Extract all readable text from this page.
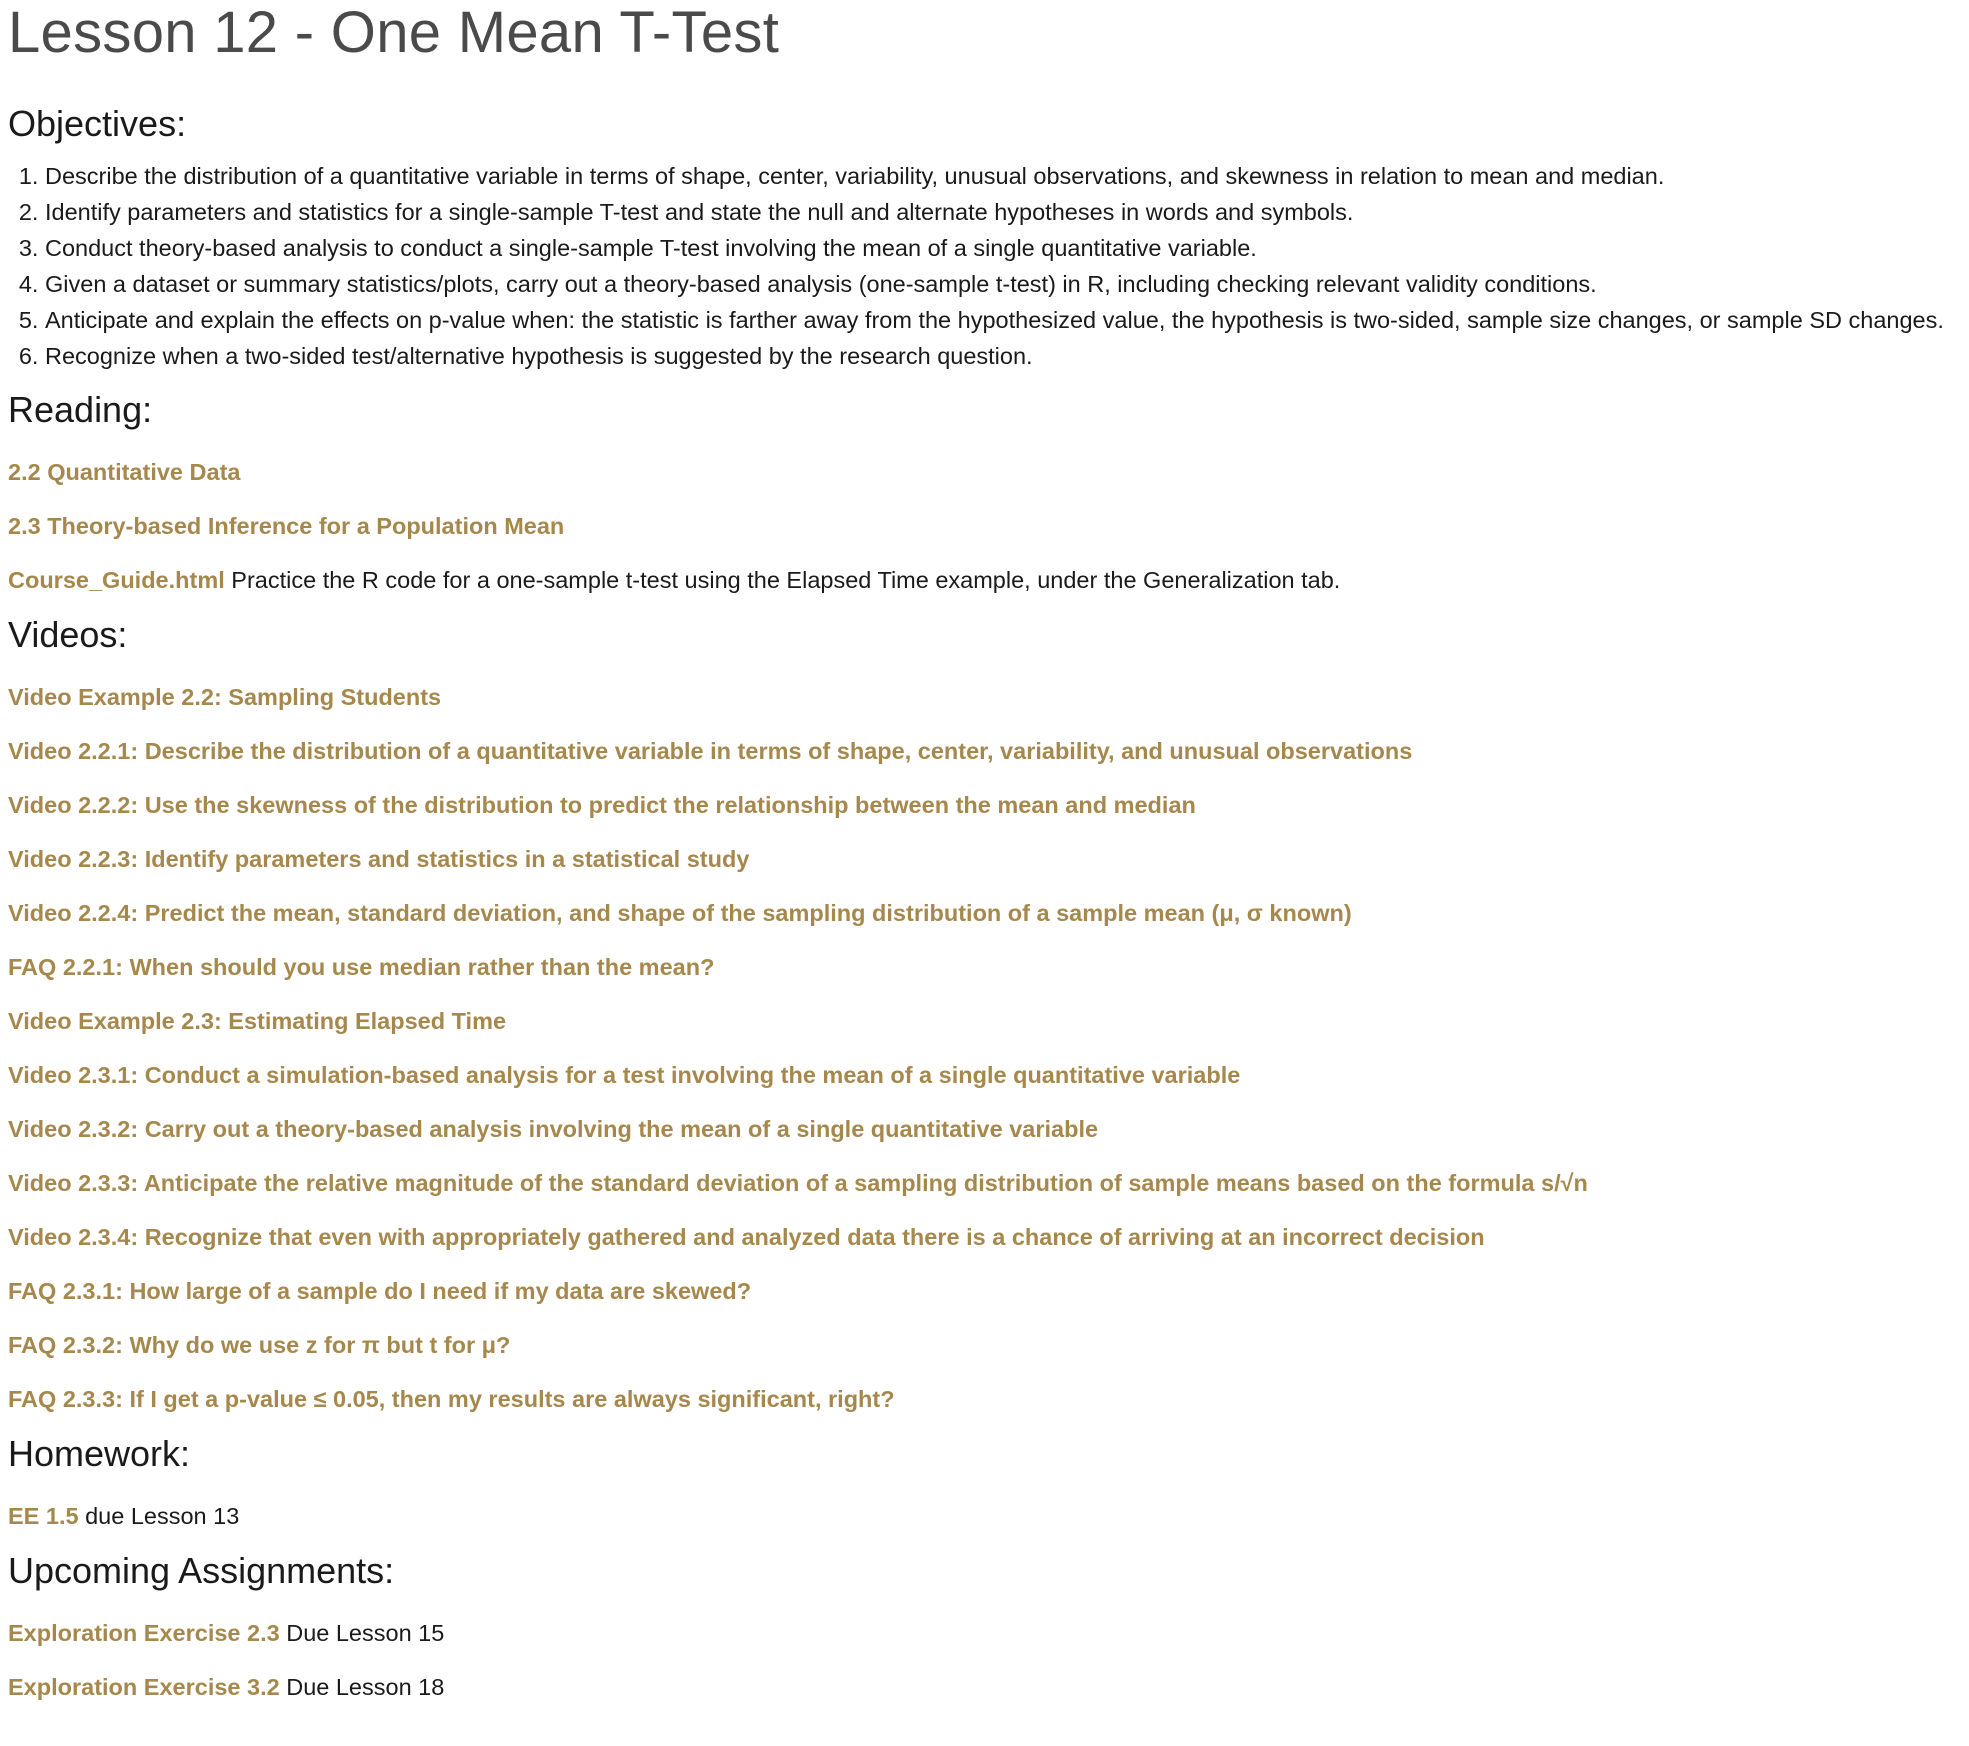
Lesson 12 - One Mean T-Test
Objectives:
1. Describe the distribution of a quantitative variable in terms of shape, center, variability, unusual observations, and skewness in relation to mean and median.
2. Identify parameters and statistics for a single-sample T-test and state the null and alternate hypotheses in words and symbols.
3. Conduct theory-based analysis to conduct a single-sample T-test involving the mean of a single quantitative variable.
4. Given a dataset or summary statistics/plots, carry out a theory-based analysis (one-sample t-test) in R, including checking relevant validity conditions.
5. Anticipate and explain the effects on p-value when: the statistic is farther away from the hypothesized value, the hypothesis is two-sided, sample size changes, or sample SD changes.
6. Recognize when a two-sided test/alternative hypothesis is suggested by the research question.
Reading:

2.2 Quantitative Data

2.3 Theory-based Inference for a Population Mean

Course_Guide.html Practice the R code for a one-sample t-test using the Elapsed Time example, under the Generalization tab.

Videos:

Video Example 2.2: Sampling Students

Video 2.2.1: Describe the distribution of a quantitative variable in terms of shape, center, variability, and unusual observations

Video 2.2.2: Use the skewness of the distribution to predict the relationship between the mean and median

Video 2.2.3: Identify parameters and statistics in a statistical study

Video 2.2.4: Predict the mean, standard deviation, and shape of the sampling distribution of a sample mean (μ, σ known)

FAQ 2.2.1: When should you use median rather than the mean?

Video Example 2.3: Estimating Elapsed Time

Video 2.3.1: Conduct a simulation-based analysis for a test involving the mean of a single quantitative variable

Video 2.3.2: Carry out a theory-based analysis involving the mean of a single quantitative variable

Video 2.3.3: Anticipate the relative magnitude of the standard deviation of a sampling distribution of sample means based on the formula s/√n

Video 2.3.4: Recognize that even with appropriately gathered and analyzed data there is a chance of arriving at an incorrect decision

FAQ 2.3.1: How large of a sample do I need if my data are skewed?

FAQ 2.3.2: Why do we use z for π but t for μ?

FAQ 2.3.3: If I get a p-value ≤ 0.05, then my results are always significant, right?

Homework:

EE 1.5 due Lesson 13

Upcoming Assignments:

Exploration Exercise 2.3 Due Lesson 15

Exploration Exercise 3.2 Due Lesson 18
